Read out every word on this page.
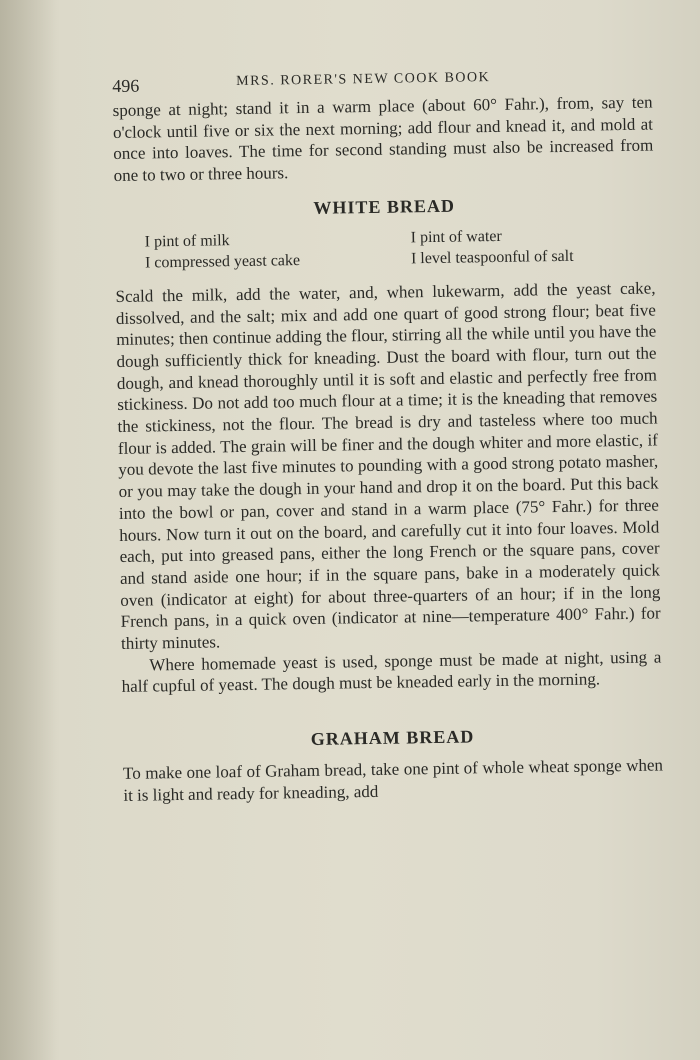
496	MRS. RORER'S NEW COOK BOOK

sponge at night; stand it in a warm place (about 60° Fahr.), from, say ten o'clock until five or six the next morning; add flour and knead it, and mold at once into loaves. The time for second standing must also be increased from one to two or three hours.

WHITE BREAD
I pint of milk	I pint of water
I compressed yeast cake	I level teaspoonful of salt

Scald the milk, add the water, and, when lukewarm, add the yeast cake, dissolved, and the salt; mix and add one quart of good strong flour; beat five minutes; then continue adding the flour, stirring all the while until you have the dough sufficiently thick for kneading. Dust the board with flour, turn out the dough, and knead thoroughly until it is soft and elastic and perfectly free from stickiness. Do not add too much flour at a time; it is the kneading that removes the stickiness, not the flour. The bread is dry and tasteless where too much flour is added. The grain will be finer and the dough whiter and more elastic, if you devote the last five minutes to pounding with a good strong potato masher, or you may take the dough in your hand and drop it on the board. Put this back into the bowl or pan, cover and stand in a warm place (75° Fahr.) for three hours. Now turn it out on the board, and carefully cut it into four loaves. Mold each, put into greased pans, either the long French or the square pans, cover and stand aside one hour; if in the square pans, bake in a moderately quick oven (indicator at eight) for about three-quarters of an hour; if in the long French pans, in a quick oven (indicator at nine—temperature 400° Fahr.) for thirty minutes.

Where homemade yeast is used, sponge must be made at night, using a half cupful of yeast. The dough must be kneaded early in the morning.

GRAHAM BREAD

To make one loaf of Graham bread, take one pint of whole wheat sponge when it is light and ready for kneading, add
